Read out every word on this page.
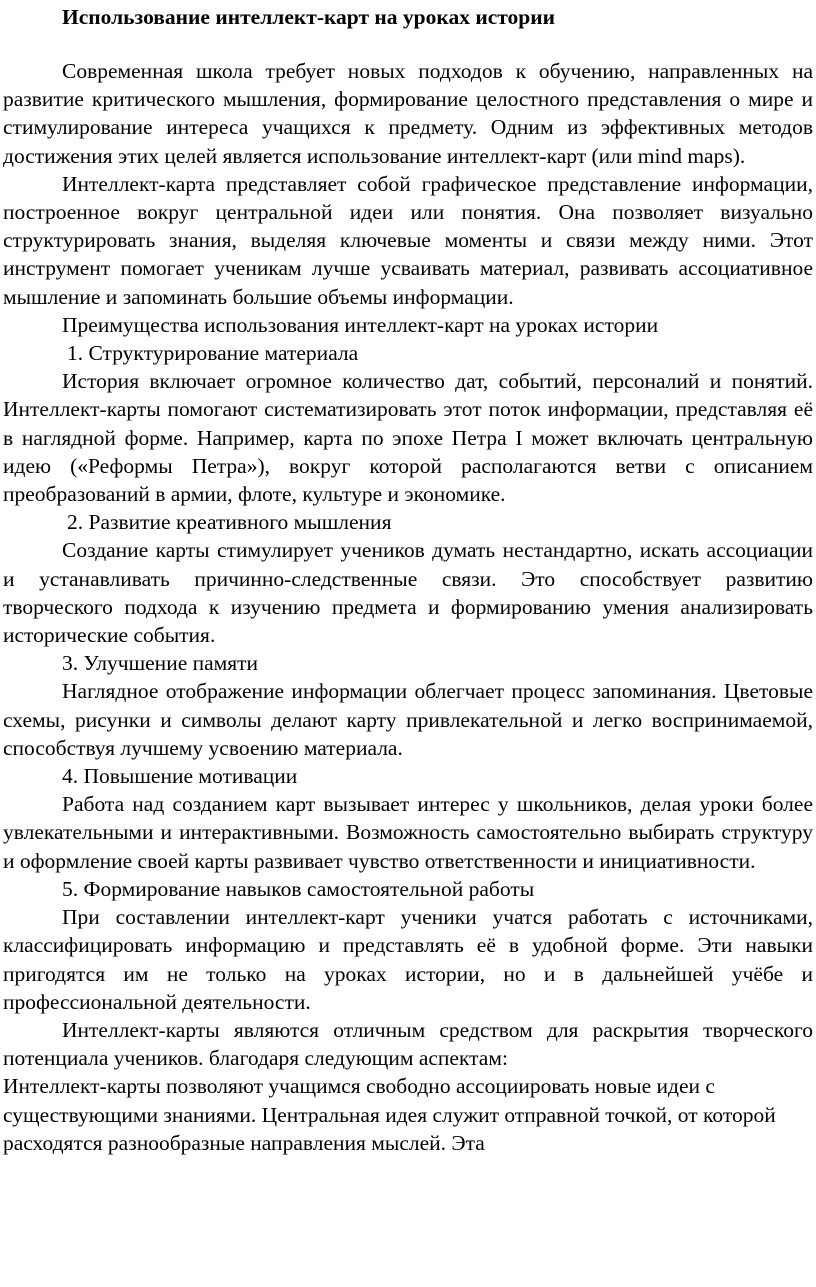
Использование интеллект-карт на уроках истории

Современная школа требует новых подходов к обучению, направленных на развитие критического мышления, формирование целостного представления о мире и стимулирование интереса учащихся к предмету. Одним из эффективных методов достижения этих целей является использование интеллект-карт (или mind maps).

Интеллект-карта представляет собой графическое представление информации, построенное вокруг центральной идеи или понятия. Она позволяет визуально структурировать знания, выделяя ключевые моменты и связи между ними. Этот инструмент помогает ученикам лучше усваивать материал, развивать ассоциативное мышление и запоминать большие объемы информации.

Преимущества использования интеллект-карт на уроках истории

1. Структурирование материала

История включает огромное количество дат, событий, персоналий и понятий. Интеллект-карты помогают систематизировать этот поток информации, представляя её в наглядной форме. Например, карта по эпохе Петра I может включать центральную идею («Реформы Петра»), вокруг которой располагаются ветви с описанием преобразований в армии, флоте, культуре и экономике.

2. Развитие креативного мышления

Создание карты стимулирует учеников думать нестандартно, искать ассоциации и устанавливать причинно-следственные связи. Это способствует развитию творческого подхода к изучению предмета и формированию умения анализировать исторические события.

3. Улучшение памяти

Наглядное отображение информации облегчает процесс запоминания. Цветовые схемы, рисунки и символы делают карту привлекательной и легко воспринимаемой, способствуя лучшему усвоению материала.

4. Повышение мотивации

Работа над созданием карт вызывает интерес у школьников, делая уроки более увлекательными и интерактивными. Возможность самостоятельно выбирать структуру и оформление своей карты развивает чувство ответственности и инициативности.

5. Формирование навыков самостоятельной работы

При составлении интеллект-карт ученики учатся работать с источниками, классифицировать информацию и представлять её в удобной форме. Эти навыки пригодятся им не только на уроках истории, но и в дальнейшей учёбе и профессиональной деятельности.

Интеллект-карты являются отличным средством для раскрытия творческого потенциала учеников. благодаря следующим аспектам:

Интеллект-карты позволяют учащимся свободно ассоциировать новые идеи с существующими знаниями. Центральная идея служит отправной точкой, от которой расходятся разнообразные направления мыслей. Эта
